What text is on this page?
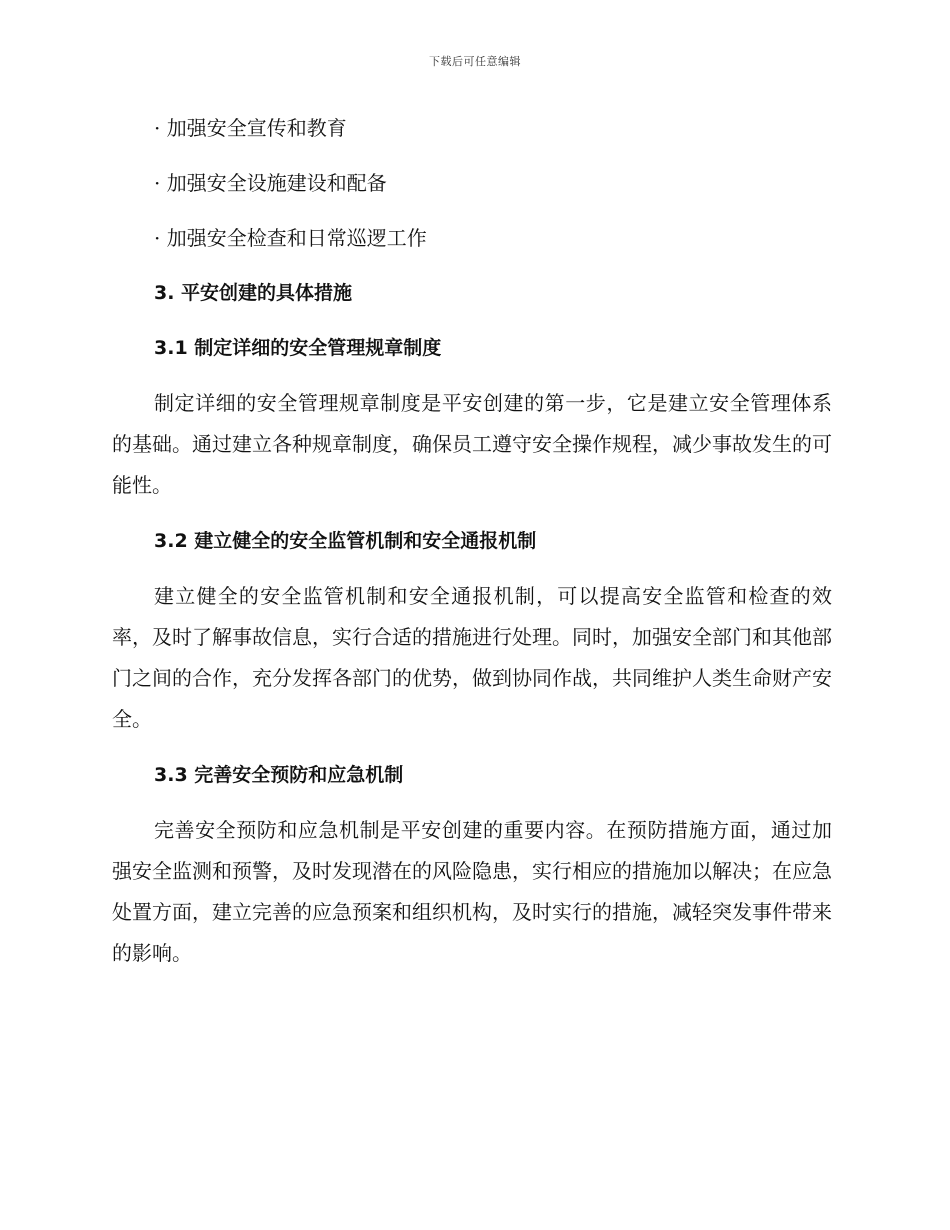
下载后可任意编辑
· 加强安全宣传和教育
· 加强安全设施建设和配备
· 加强安全检查和日常巡逻工作
3. 平安创建的具体措施
3.1 制定详细的安全管理规章制度

制定详细的安全管理规章制度是平安创建的第一步，它是建立安全管理体系的基础。通过建立各种规章制度，确保员工遵守安全操作规程，减少事故发生的可能性。

3.2 建立健全的安全监管机制和安全通报机制

建立健全的安全监管机制和安全通报机制，可以提高安全监管和检查的效率，及时了解事故信息，实行合适的措施进行处理。同时，加强安全部门和其他部门之间的合作，充分发挥各部门的优势，做到协同作战，共同维护人类生命财产安全。

3.3 完善安全预防和应急机制

完善安全预防和应急机制是平安创建的重要内容。在预防措施方面，通过加强安全监测和预警，及时发现潜在的风险隐患，实行相应的措施加以解决；在应急处置方面，建立完善的应急预案和组织机构，及时实行的措施，减轻突发事件带来的影响。
